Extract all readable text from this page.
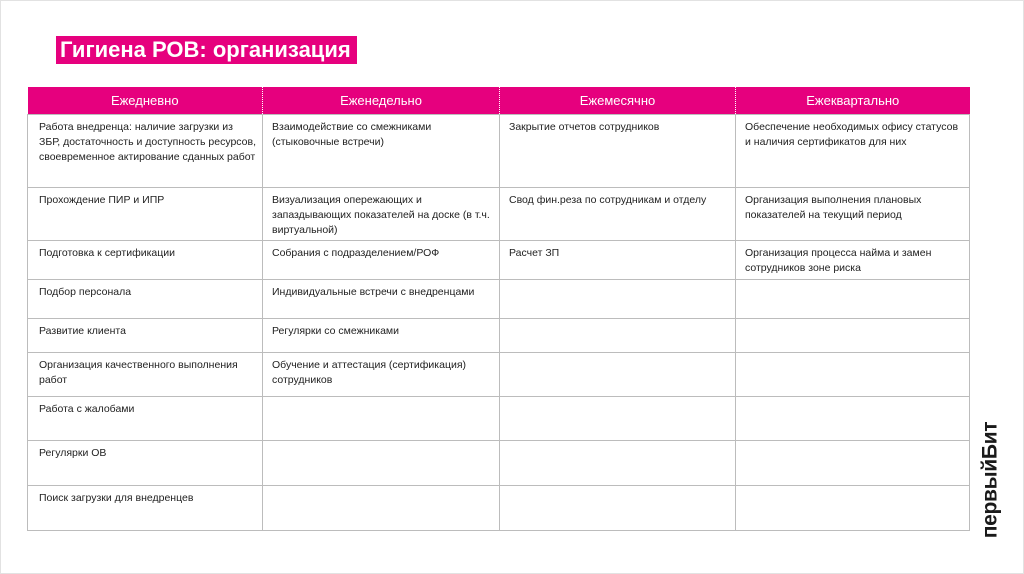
Гигиена РОВ: организация
Ежедневно	Еженедельно	Ежемесячно	Ежеквартально
Работа внедренца: наличие загрузки из ЗБР, достаточность и доступность ресурсов, своевременное актирование сданных работ	Взаимодействие со смежниками (стыковочные встречи)	Закрытие отчетов сотрудников	Обеспечение необходимых офису статусов и наличия сертификатов для них
Прохождение ПИР и ИПР	Визуализация опережающих и запаздывающих показателей на доске (в т.ч. виртуальной)	Свод фин.реза по сотрудникам и отделу	Организация выполнения плановых показателей на текущий период
Подготовка к сертификации	Собрания с подразделением/РОФ	Расчет ЗП	Организация процесса найма и замен сотрудников зоне риска
Подбор персонала	Индивидуальные встречи с внедренцами		
Развитие клиента	Регулярки со смежниками		
Организация качественного выполнения работ	Обучение и аттестация (сертификация) сотрудников		
Работа с жалобами			
Регулярки ОВ			
Поиск загрузки для внедренцев				первыйБит
